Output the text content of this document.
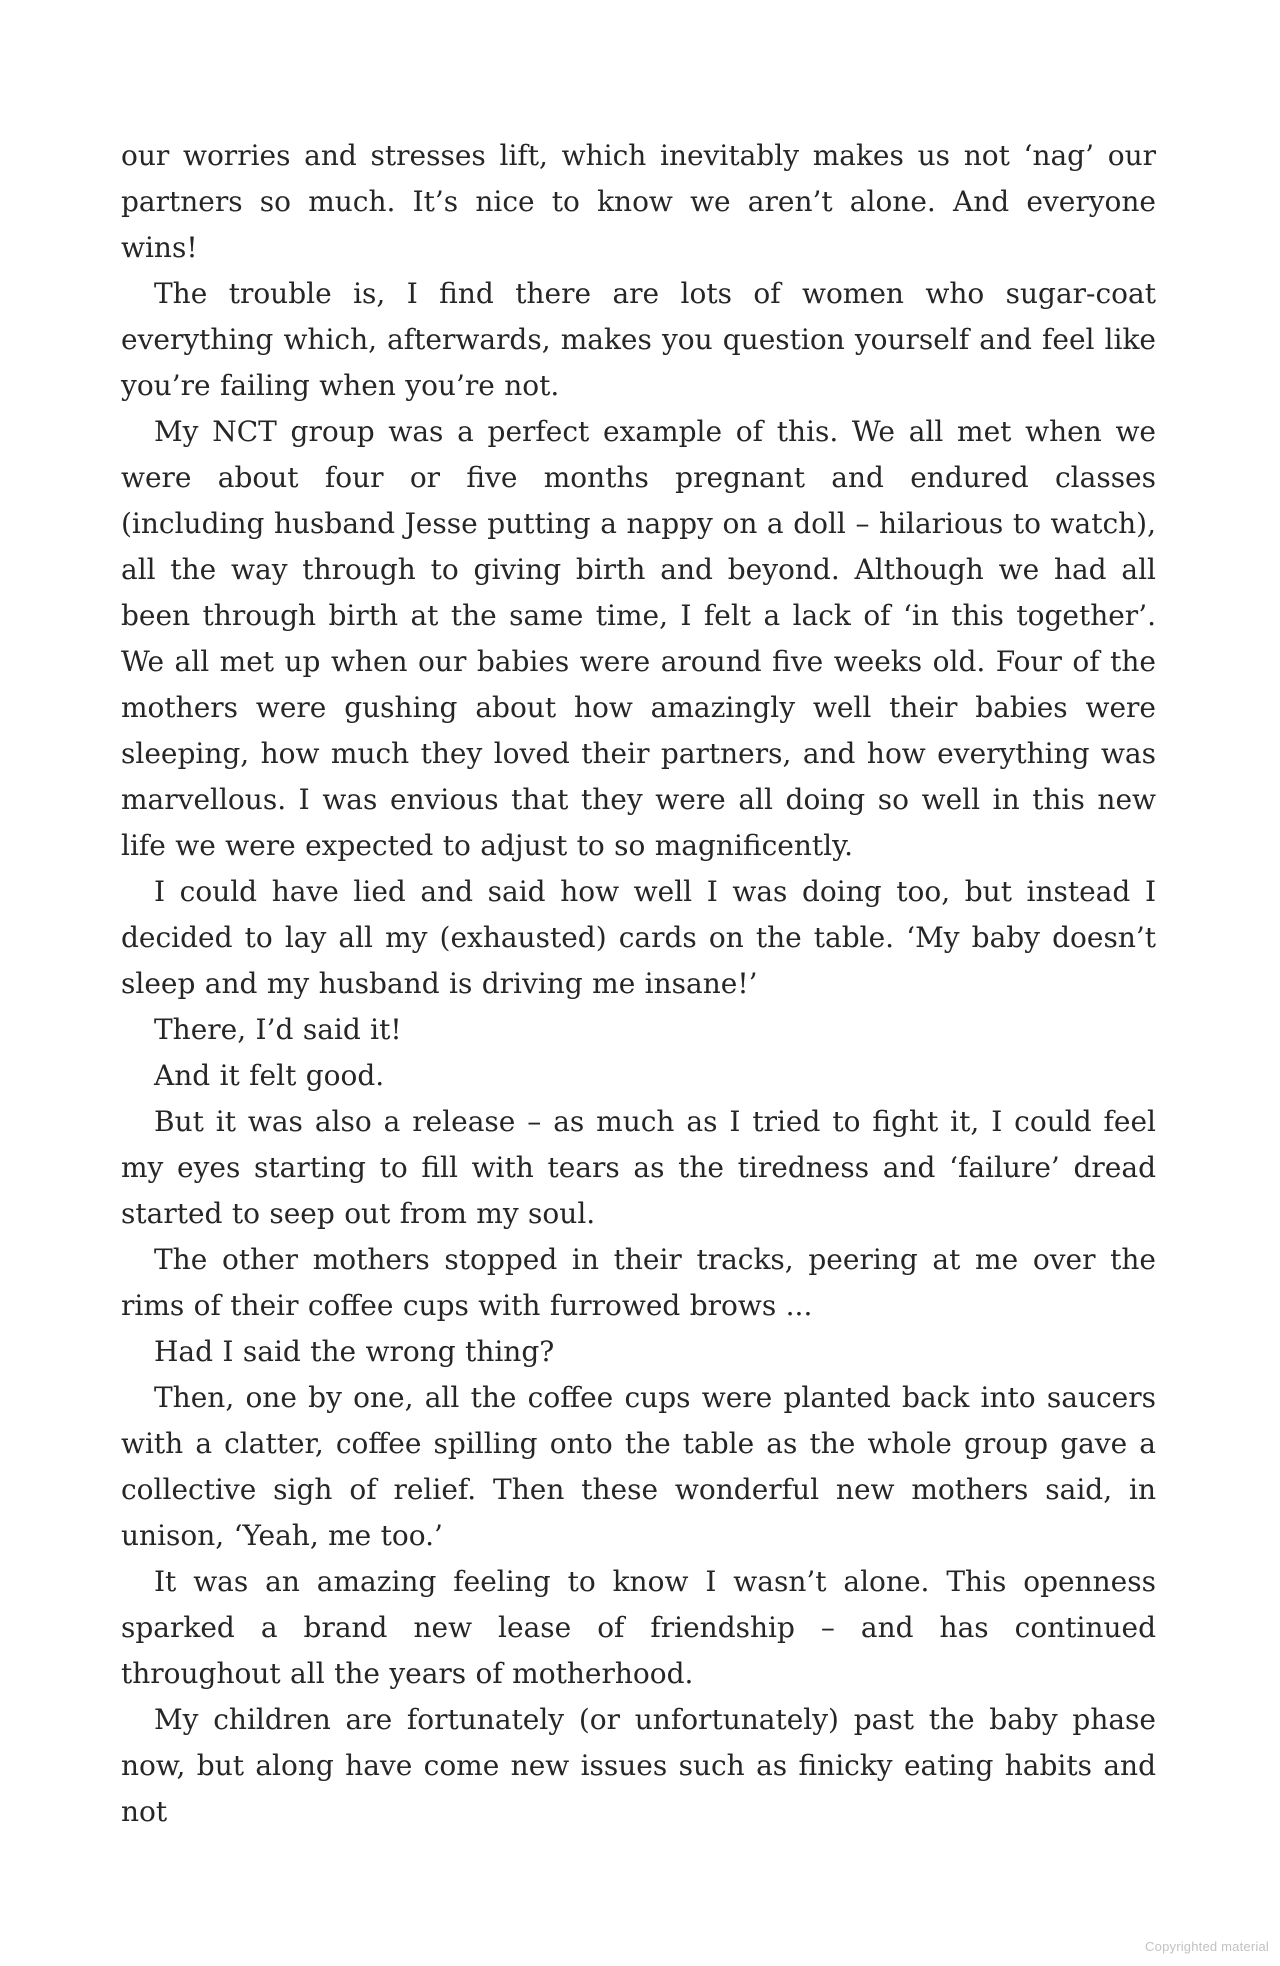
our worries and stresses lift, which inevitably makes us not ‘nag’ our partners so much. It’s nice to know we aren’t alone. And everyone wins!

The trouble is, I find there are lots of women who sugar-coat everything which, afterwards, makes you question yourself and feel like you’re failing when you’re not.

My NCT group was a perfect example of this. We all met when we were about four or five months pregnant and endured classes (including husband Jesse putting a nappy on a doll – hilarious to watch), all the way through to giving birth and beyond. Although we had all been through birth at the same time, I felt a lack of ‘in this together’. We all met up when our babies were around five weeks old. Four of the mothers were gushing about how amazingly well their babies were sleeping, how much they loved their partners, and how everything was marvellous. I was envious that they were all doing so well in this new life we were expected to adjust to so magnificently.

I could have lied and said how well I was doing too, but instead I decided to lay all my (exhausted) cards on the table. ‘My baby doesn’t sleep and my husband is driving me insane!’

There, I’d said it!

And it felt good.

But it was also a release – as much as I tried to fight it, I could feel my eyes starting to fill with tears as the tiredness and ‘failure’ dread started to seep out from my soul.

The other mothers stopped in their tracks, peering at me over the rims of their coffee cups with furrowed brows ...

Had I said the wrong thing?

Then, one by one, all the coffee cups were planted back into saucers with a clatter, coffee spilling onto the table as the whole group gave a collective sigh of relief. Then these wonderful new mothers said, in unison, ‘Yeah, me too.’

It was an amazing feeling to know I wasn’t alone. This openness sparked a brand new lease of friendship – and has continued throughout all the years of motherhood.

My children are fortunately (or unfortunately) past the baby phase now, but along have come new issues such as finicky eating habits and not

Copyrighted material
